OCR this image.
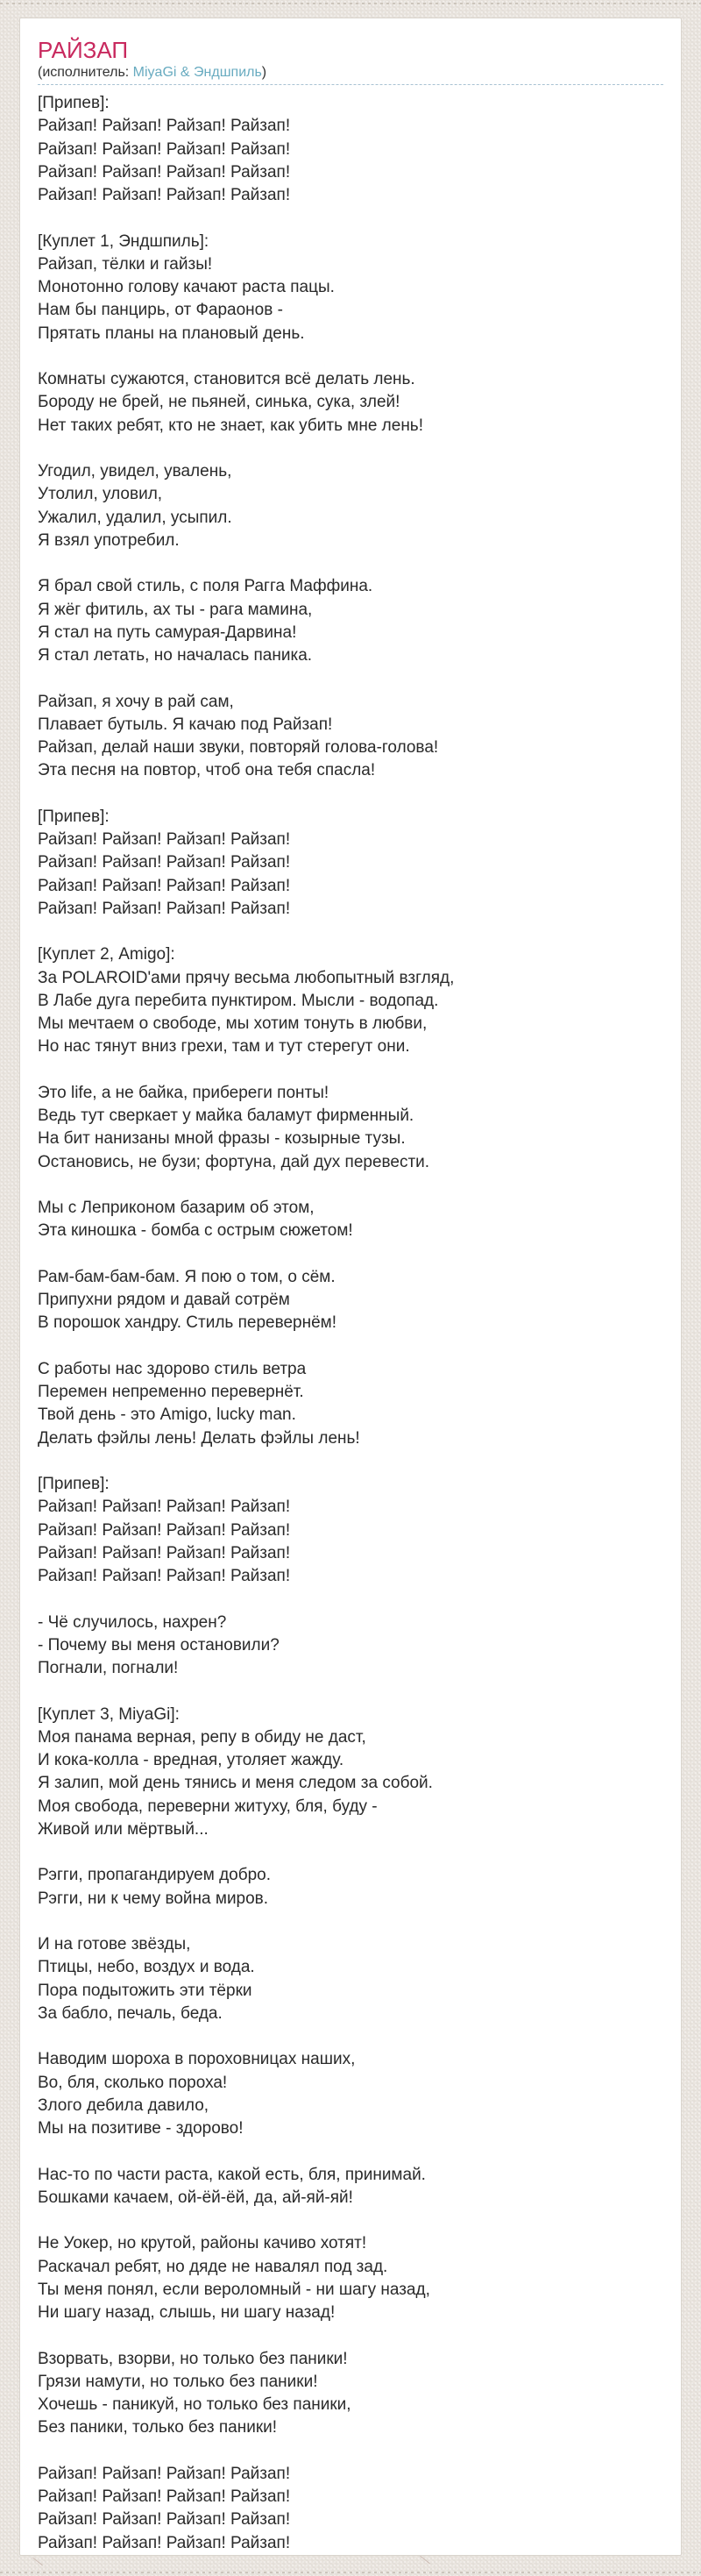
РАЙЗАП
(исполнитель: MiyaGi & Эндшпиль)
[Припев]:
Райзап! Райзап! Райзап! Райзап!
Райзап! Райзап! Райзап! Райзап!
Райзап! Райзап! Райзап! Райзап!
Райзап! Райзап! Райзап! Райзап!
[Куплет 1, Эндшпиль]:
Райзап, тёлки и гайзы!
Монотонно голову качают раста пацы.
Нам бы панцирь, от Фараонов -
Прятать планы на плановый день.
Комнаты сужаются, становится всё делать лень.
Бороду не брей, не пьяней, синька, сука, злей!
Нет таких ребят, кто не знает, как убить мне лень!
Угодил, увидел, увалень,
Утолил, уловил,
Ужалил, удалил, усыпил.
Я взял употребил.
Я брал свой стиль, с поля Рагга Маффина.
Я жёг фитиль, ах ты - рага мамина,
Я стал на путь самурая-Дарвина!
Я стал летать, но началась паника.
Райзап, я хочу в рай сам,
Плавает бутыль. Я качаю под Райзап!
Райзап, делай наши звуки, повторяй голова-голова!
Эта песня на повтор, чтоб она тебя спасла!
[Припев]:
Райзап! Райзап! Райзап! Райзап!
Райзап! Райзап! Райзап! Райзап!
Райзап! Райзап! Райзап! Райзап!
Райзап! Райзап! Райзап! Райзап!
[Куплет 2, Amigo]:
За POLAROID'ами прячу весьма любопытный взгляд,
В Лабе дуга перебита пунктиром. Мысли - водопад.
Мы мечтаем о свободе, мы хотим тонуть в любви,
Но нас тянут вниз грехи, там и тут стерегут они.
Это life, а не байка, прибереги понты!
Ведь тут сверкает у майка баламут фирменный.
На бит нанизаны мной фразы - козырные тузы.
Остановись, не бузи; фортуна, дай дух перевести.
Мы с Леприконом базарим об этом,
Эта киношка - бомба с острым сюжетом!
Рам-бам-бам-бам. Я пою о том, о сём.
Припухни рядом и давай сотрём
В порошок хандру. Стиль перевернём!
С работы нас здорово стиль ветра
Перемен непременно перевернёт.
Твой день - это Amigo, lucky man.
Делать фэйлы лень! Делать фэйлы лень!
[Припев]:
Райзап! Райзап! Райзап! Райзап!
Райзап! Райзап! Райзап! Райзап!
Райзап! Райзап! Райзап! Райзап!
Райзап! Райзап! Райзап! Райзап!
- Чё случилось, нахрен?
- Почему вы меня остановили?
Погнали, погнали!
[Куплет 3, MiyaGi]:
Моя панама верная, репу в обиду не даст,
И кока-колла - вредная, утоляет жажду.
Я залип, мой день тянись и меня следом за собой.
Моя свобода, переверни житуху, бля, буду -
Живой или мёртвый...
Рэгги, пропагандируем добро.
Рэгги, ни к чему война миров.
И на готове звёзды,
Птицы, небо, воздух и вода.
Пора подытожить эти тёрки
За бабло, печаль, беда.
Наводим шороха в пороховницах наших,
Во, бля, сколько пороха!
Злого дебила давило,
Мы на позитиве - здорово!
Нас-то по части раста, какой есть, бля, принимай.
Бошками качаем, ой-ёй-ёй, да, ай-яй-яй!
Не Уокер, но крутой, районы качиво хотят!
Раскачал ребят, но дяде не навалял под зад.
Ты меня понял, если вероломный - ни шагу назад,
Ни шагу назад, слышь, ни шагу назад!
Взорвать, взорви, но только без паники!
Грязи намути, но только без паники!
Хочешь - паникуй, но только без паники,
Без паники, только без паники!
Райзап! Райзап! Райзап! Райзап!
Райзап! Райзап! Райзап! Райзап!
Райзап! Райзап! Райзап! Райзап!
Райзап! Райзап! Райзап! Райзап!
